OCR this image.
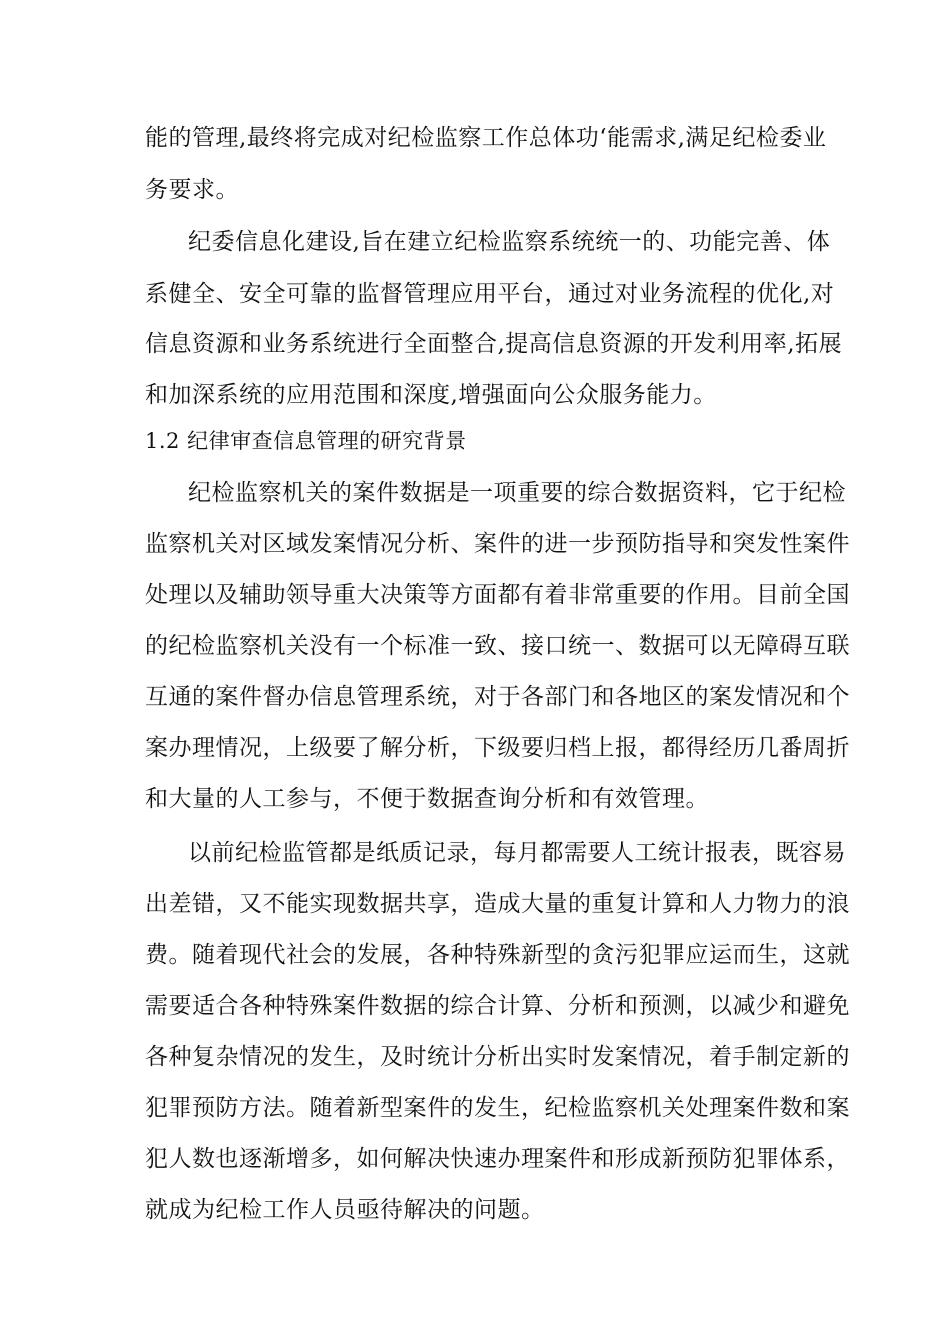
能的管理,最终将完成对纪检监察工作总体功‘能需求,满足纪检委业
务要求。
纪委信息化建设,旨在建立纪检监察系统统一的、功能完善、体
系健全、安全可靠的监督管理应用平台，通过对业务流程的优化,对
信息资源和业务系统进行全面整合,提高信息资源的开发利用率,拓展
和加深系统的应用范围和深度,增强面向公众服务能力。
1.2 纪律审查信息管理的研究背景
纪检监察机关的案件数据是一项重要的综合数据资料，它于纪检
监察机关对区域发案情况分析、案件的进一步预防指导和突发性案件
处理以及辅助领导重大决策等方面都有着非常重要的作用。目前全国
的纪检监察机关没有一个标准一致、接口统一、数据可以无障碍互联
互通的案件督办信息管理系统，对于各部门和各地区的案发情况和个
案办理情况，上级要了解分析，下级要归档上报，都得经历几番周折
和大量的人工参与，不便于数据查询分析和有效管理。
以前纪检监管都是纸质记录，每月都需要人工统计报表，既容易
出差错，又不能实现数据共享，造成大量的重复计算和人力物力的浪
费。随着现代社会的发展，各种特殊新型的贪污犯罪应运而生，这就
需要适合各种特殊案件数据的综合计算、分析和预测，以减少和避免
各种复杂情况的发生，及时统计分析出实时发案情况，着手制定新的
犯罪预防方法。随着新型案件的发生，纪检监察机关处理案件数和案
犯人数也逐渐增多，如何解决快速办理案件和形成新预防犯罪体系，
就成为纪检工作人员亟待解决的问题。
